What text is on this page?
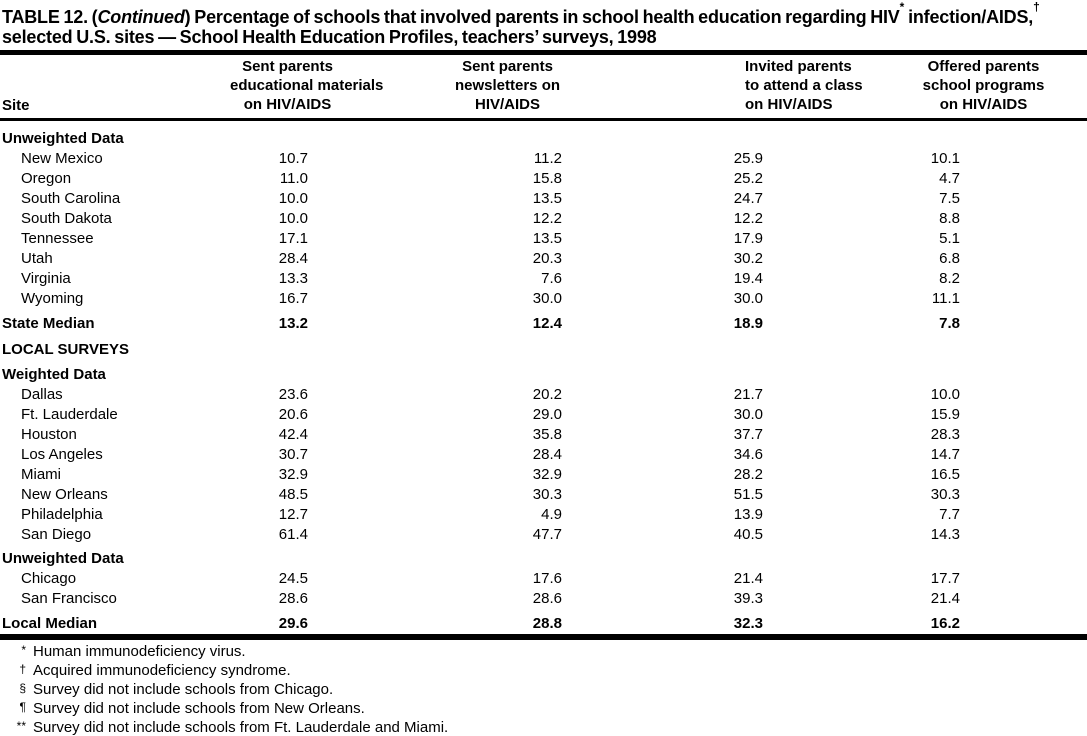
TABLE 12. (Continued) Percentage of schools that involved parents in school health education regarding HIV* infection/AIDS,†
selected U.S. sites — School Health Education Profiles, teachers’ surveys, 1998
Site	
Sent parents
educational materials
on HIV/AIDS

Sent parents
newsletters on
HIV/AIDS

Invited parents
to attend a class
on HIV/AIDS

Offered parents
school programs
on HIV/AIDS

Unweighted Data				
New Mexico	10.7	11.2	25.9	10.1
Oregon	11.0	15.8	25.2	4.7
South Carolina	10.0	13.5	24.7	7.5
South Dakota	10.0	12.2	12.2	8.8
Tennessee	17.1	13.5	17.9	5.1
Utah	28.4	20.3	30.2	6.8
Virginia	13.3	7.6	19.4	8.2
Wyoming	16.7	30.0	30.0	11.1
State Median	13.2	12.4	18.9	7.8
LOCAL SURVEYS				
Weighted Data				
Dallas	23.6	20.2	21.7	10.0
Ft. Lauderdale	20.6	29.0	30.0	15.9
Houston	42.4	35.8	37.7	28.3
Los Angeles	30.7	28.4	34.6	14.7
Miami	32.9	32.9	28.2	16.5
New Orleans	48.5	30.3	51.5	30.3
Philadelphia	12.7	4.9	13.9	7.7
San Diego	61.4	47.7	40.5	14.3
Unweighted Data				
Chicago	24.5	17.6	21.4	17.7
San Francisco	28.6	28.6	39.3	21.4
Local Median	29.6	28.8	32.3	16.2
* Human immunodeficiency virus.
† Acquired immunodeficiency syndrome.
§ Survey did not include schools from Chicago.
¶ Survey did not include schools from New Orleans.
** Survey did not include schools from Ft. Lauderdale and Miami.
